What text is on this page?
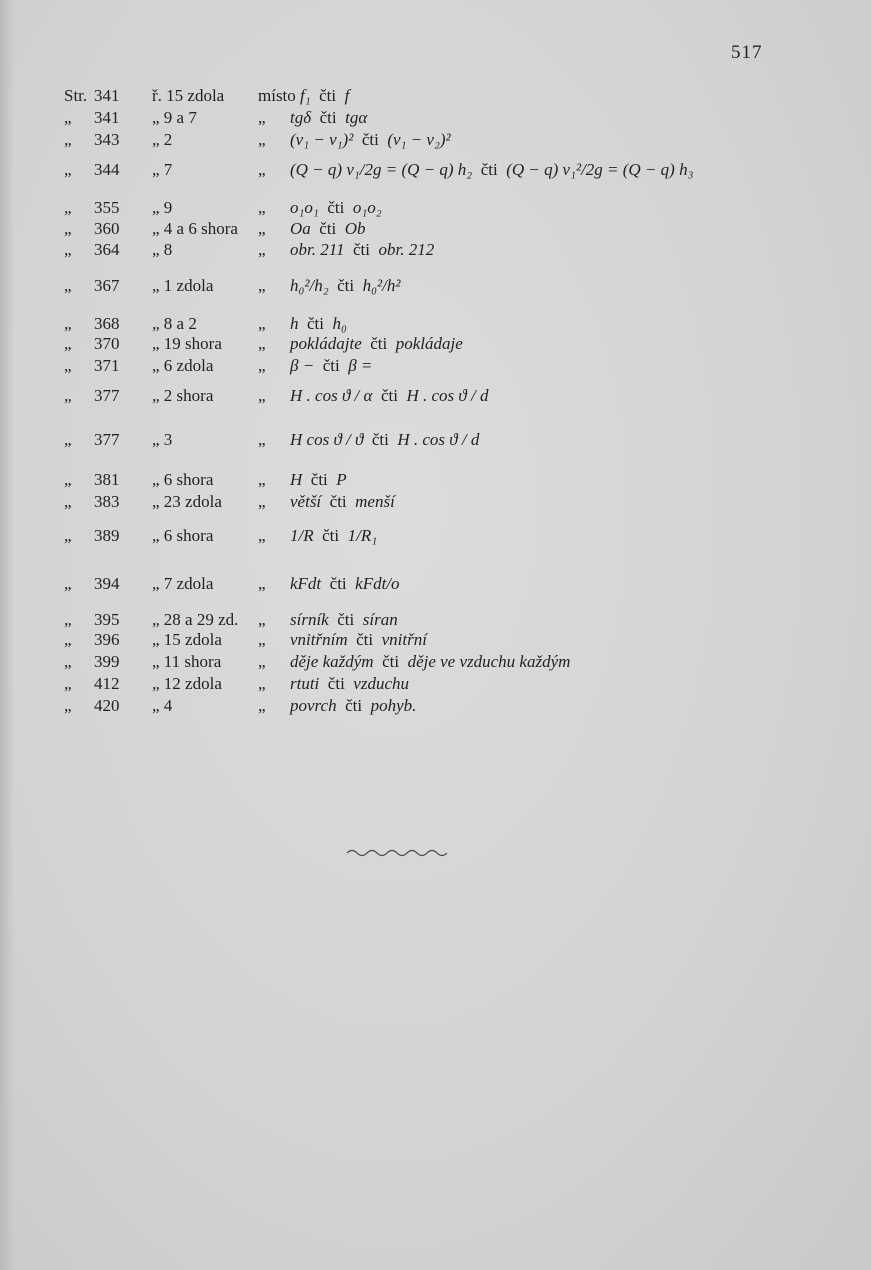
517
Str. 341 ř. 15 zdola místo f₁  čti  f
„ 341 „ 9 a 7	„ tgδ  čti  tgα
„ 343 „ 2	„ (v₁ − v₁)²  čti  (v₁ − v₂)²
„ 344 „ 7	„ (Q − q) v₁/2g = (Q − q) h₂  čti  (Q − q) v₁²/2g = (Q − q) h₃
„ 355 „ 9	„ o₁o₁  čti  o₁o₂
„ 360 „ 4 a 6 shora „ Oa  čti  Ob
„ 364 „ 8	„ obr. 211  čti  obr. 212
„ 367 „ 1 zdola	„ h₀²/h₂  čti  h₀²/h²
„ 368 „ 8 a 2	„ h  čti  h₀
„ 370 „ 19 shora „ pokládajte  čti  pokládaje
„ 371 „ 6 zdola	„ β −  čti  β =
„ 377 „ 2 shora	„ H . cos ϑ / α  čti  H . cos ϑ / d
„ 377 „ 3	„ H cos ϑ / ϑ  čti  H . cos ϑ / d
„ 381 „ 6 shora	„ H  čti  P
„ 383 „ 23 zdola „ větší  čti  menší
„ 389 „ 6 shora	„ 1/R  čti  1/R₁
„ 394 „ 7 zdola	„ kFdt  čti  kFdt/o
„ 395 „ 28 a 29 zd. „ sírník  čti  síran
„ 396 „ 15 zdola „ vnitřním  čti  vnitřní
„ 399 „ 11 shora „ děje každým  čti  děje ve vzduchu každým
„ 412 „ 12 zdola „ rtuti  čti  vzduchu
„ 420 „ 4	„ povrch  čti  pohyb.
